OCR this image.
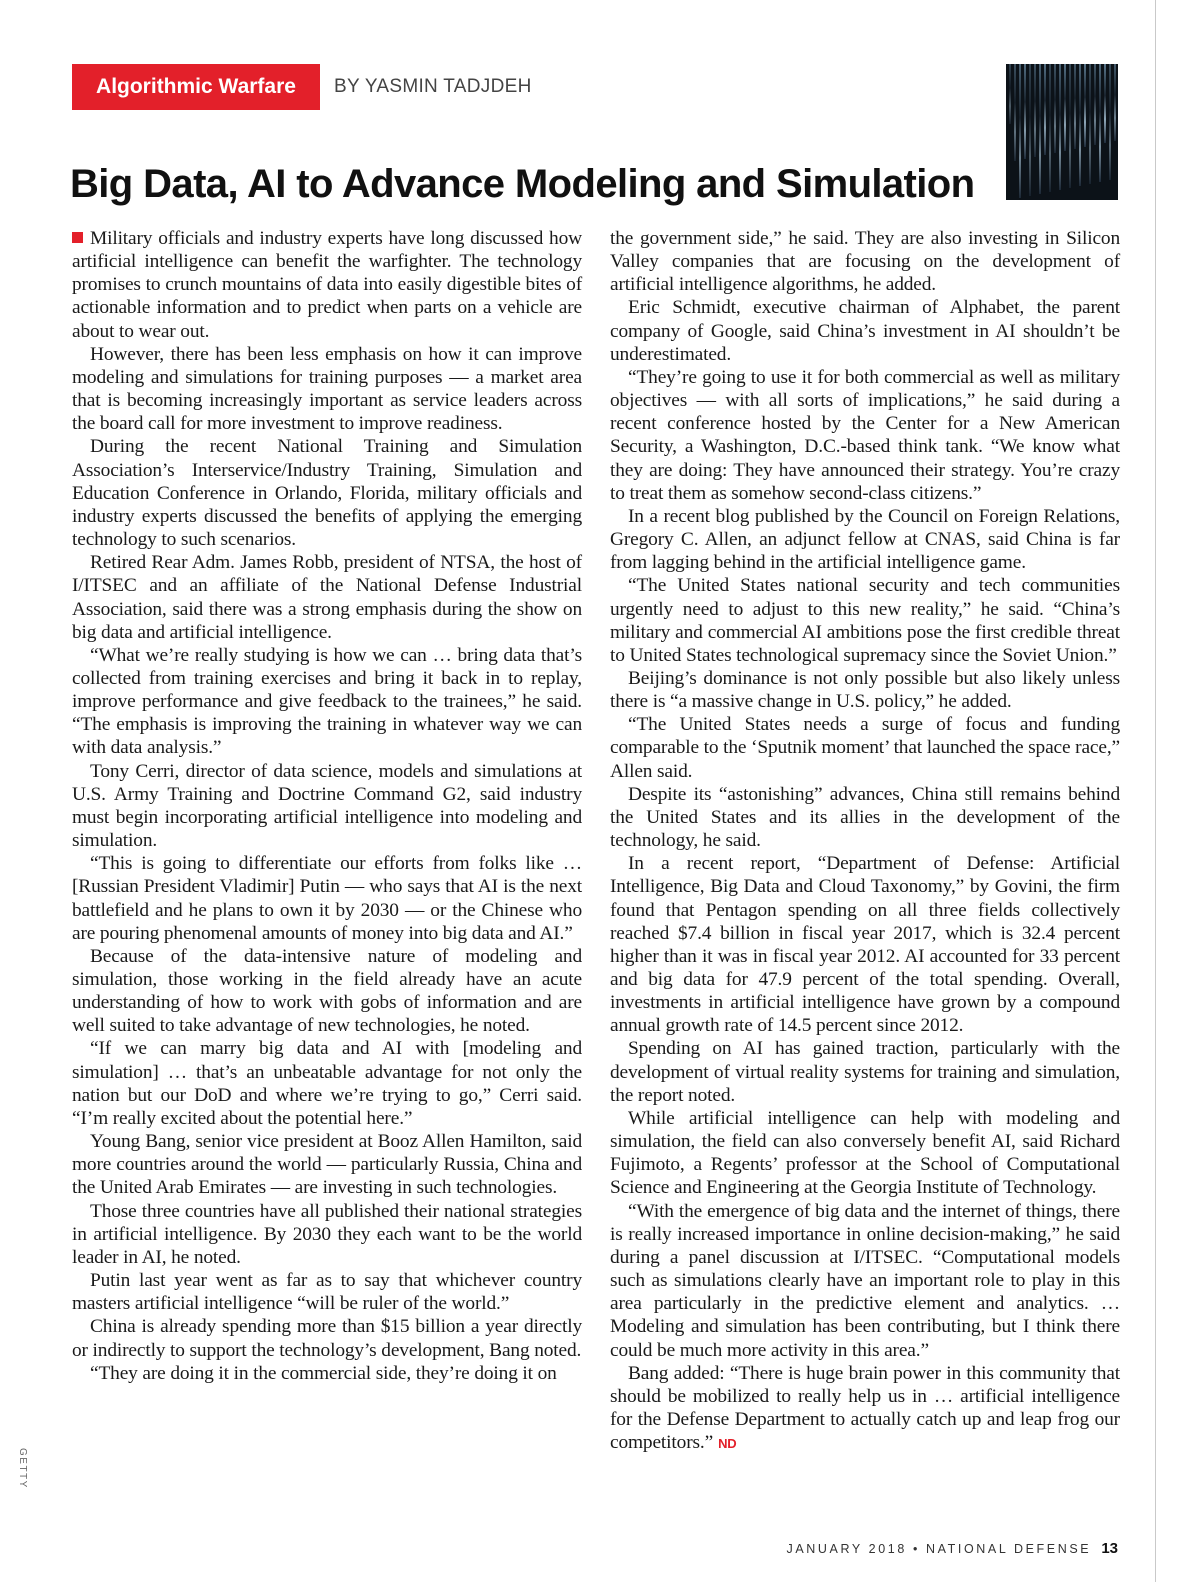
Algorithmic Warfare	BY YASMIN TADJDEH
Big Data, AI to Advance Modeling and Simulation

Military officials and industry experts have long discussed how artificial intelligence can benefit the warfighter. The technology promises to crunch mountains of data into easily digestible bites of actionable information and to predict when parts on a vehicle are about to wear out.

However, there has been less emphasis on how it can improve modeling and simulations for training purposes — a market area that is becoming increasingly important as service leaders across the board call for more investment to improve readiness.

During the recent National Training and Simulation Association’s Interservice/Industry Training, Simulation and Education Conference in Orlando, Florida, military officials and industry experts discussed the benefits of applying the emerging technology to such scenarios.

Retired Rear Adm. James Robb, president of NTSA, the host of I/ITSEC and an affiliate of the National Defense Industrial Association, said there was a strong emphasis during the show on big data and artificial intelligence.

“What we’re really studying is how we can … bring data that’s collected from training exercises and bring it back in to replay, improve performance and give feedback to the trainees,” he said. “The emphasis is improving the training in whatever way we can with data analysis.”

Tony Cerri, director of data science, models and simulations at U.S. Army Training and Doctrine Command G2, said industry must begin incorporating artificial intelligence into modeling and simulation.

“This is going to differentiate our efforts from folks like … [Russian President Vladimir] Putin — who says that AI is the next battlefield and he plans to own it by 2030 — or the Chinese who are pouring phenomenal amounts of money into big data and AI.”

Because of the data-intensive nature of modeling and simulation, those working in the field already have an acute understanding of how to work with gobs of information and are well suited to take advantage of new technologies, he noted.

“If we can marry big data and AI with [modeling and simulation] … that’s an unbeatable advantage for not only the nation but our DoD and where we’re trying to go,” Cerri said. “I’m really excited about the potential here.”

Young Bang, senior vice president at Booz Allen Hamilton, said more countries around the world — particularly Russia, China and the United Arab Emirates — are investing in such technologies.

Those three countries have all published their national strategies in artificial intelligence. By 2030 they each want to be the world leader in AI, he noted.

Putin last year went as far as to say that whichever country masters artificial intelligence “will be ruler of the world.”

China is already spending more than $15 billion a year directly or indirectly to support the technology’s development, Bang noted.

“They are doing it in the commercial side, they’re doing it on

the government side,” he said. They are also investing in Silicon Valley companies that are focusing on the development of artificial intelligence algorithms, he added.

Eric Schmidt, executive chairman of Alphabet, the parent company of Google, said China’s investment in AI shouldn’t be underestimated.

“They’re going to use it for both commercial as well as military objectives — with all sorts of implications,” he said during a recent conference hosted by the Center for a New American Security, a Washington, D.C.-based think tank. “We know what they are doing: They have announced their strategy. You’re crazy to treat them as somehow second-class citizens.”

In a recent blog published by the Council on Foreign Relations, Gregory C. Allen, an adjunct fellow at CNAS, said China is far from lagging behind in the artificial intelligence game.

“The United States national security and tech communities urgently need to adjust to this new reality,” he said. “China’s military and commercial AI ambitions pose the first credible threat to United States technological supremacy since the Soviet Union.”

Beijing’s dominance is not only possible but also likely unless there is “a massive change in U.S. policy,” he added.

“The United States needs a surge of focus and funding comparable to the ‘Sputnik moment’ that launched the space race,” Allen said.

Despite its “astonishing” advances, China still remains behind the United States and its allies in the development of the technology, he said.

In a recent report, “Department of Defense: Artificial Intelligence, Big Data and Cloud Taxonomy,” by Govini, the firm found that Pentagon spending on all three fields collectively reached $7.4 billion in fiscal year 2017, which is 32.4 percent higher than it was in fiscal year 2012. AI accounted for 33 percent and big data for 47.9 percent of the total spending. Overall, investments in artificial intelligence have grown by a compound annual growth rate of 14.5 percent since 2012.

Spending on AI has gained traction, particularly with the development of virtual reality systems for training and simulation, the report noted.

While artificial intelligence can help with modeling and simulation, the field can also conversely benefit AI, said Richard Fujimoto, a Regents’ professor at the School of Computational Science and Engineering at the Georgia Institute of Technology.

“With the emergence of big data and the internet of things, there is really increased importance in online decision-making,” he said during a panel discussion at I/ITSEC. “Computational models such as simulations clearly have an important role to play in this area particularly in the predictive element and analytics. … Modeling and simulation has been contributing, but I think there could be much more activity in this area.”

Bang added: “There is huge brain power in this community that should be mobilized to really help us in … artificial intelligence for the Defense Department to actually catch up and leap frog our competitors.” ND

GETTY
JANUARY 2018 • NATIONAL DEFENSE 13
